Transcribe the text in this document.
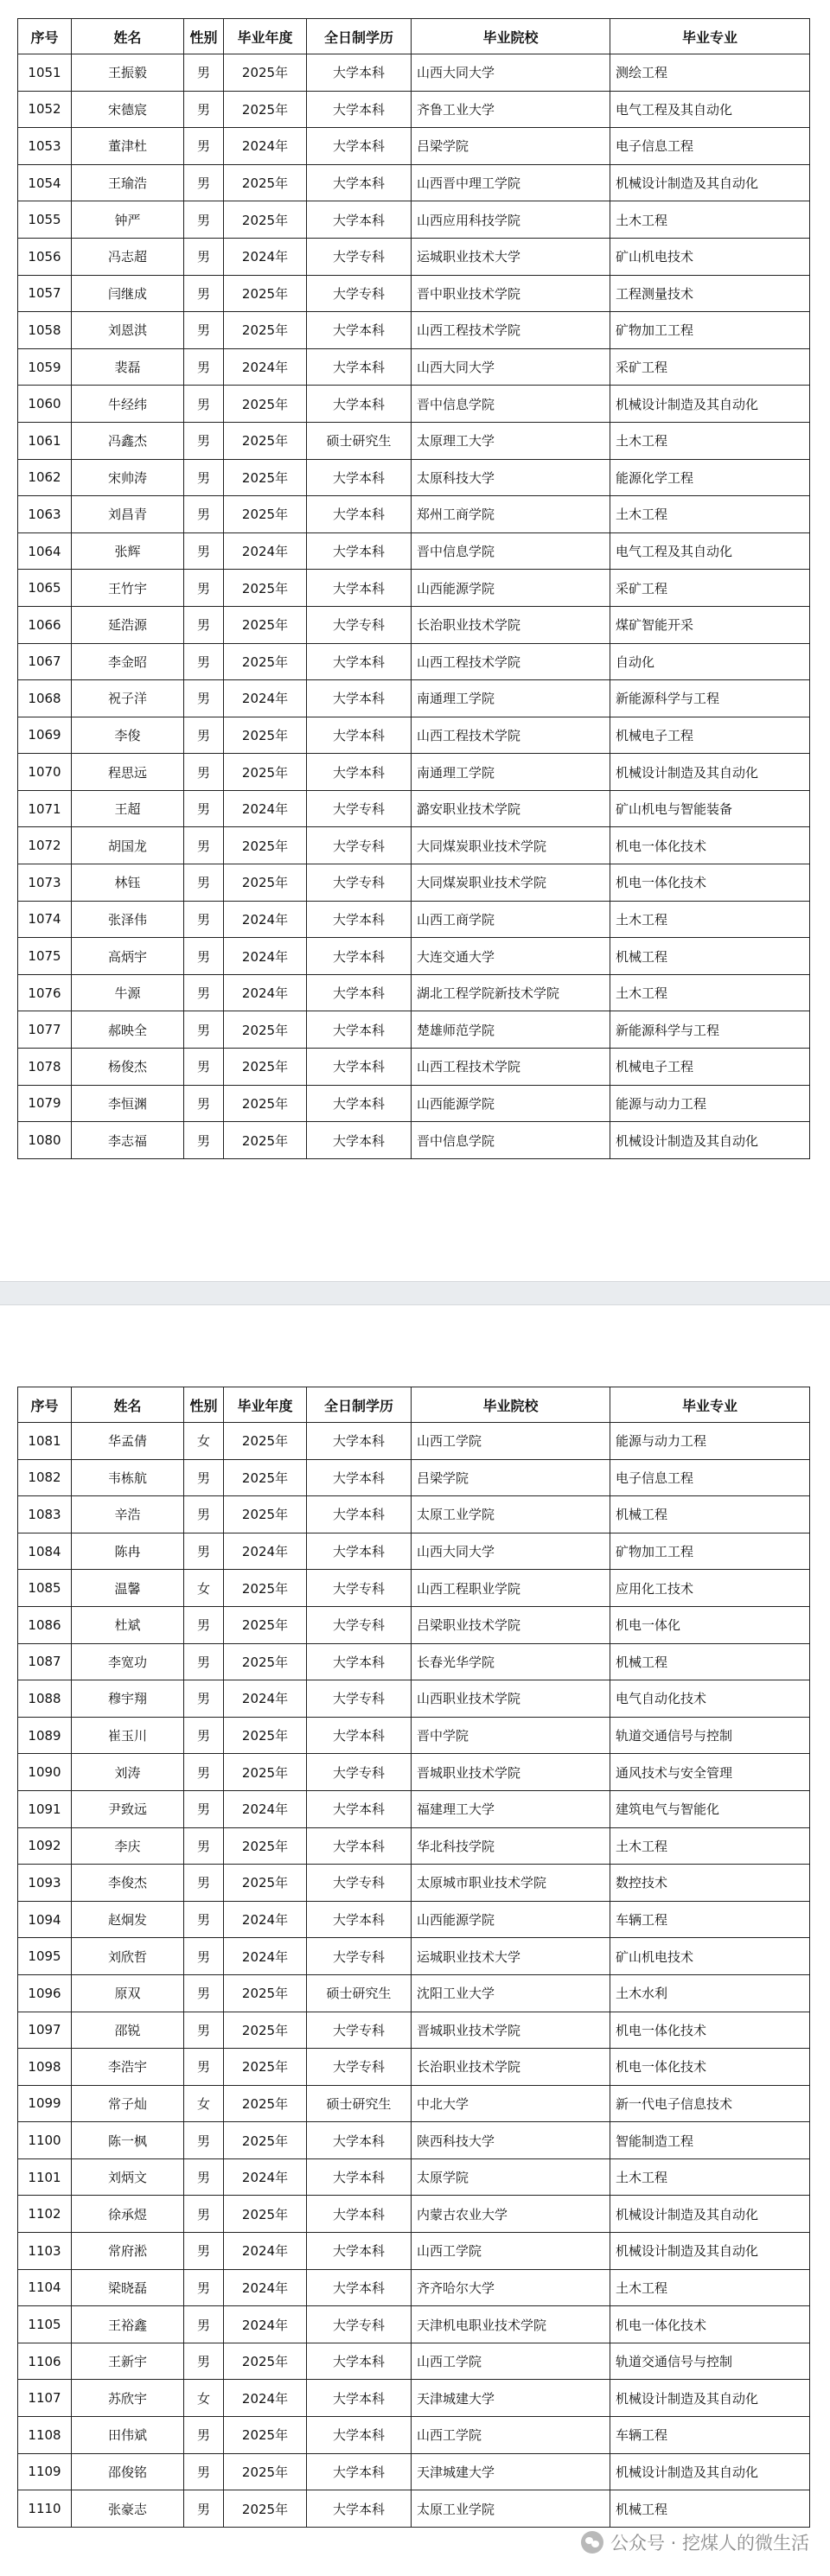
序号	姓名	性别	毕业年度	全日制学历	毕业院校	毕业专业
1051	王振毅	男	2025年	大学本科	山西大同大学	测绘工程
1052	宋德宸	男	2025年	大学本科	齐鲁工业大学	电气工程及其自动化
1053	董津杜	男	2024年	大学本科	吕梁学院	电子信息工程
1054	王瑜浩	男	2025年	大学本科	山西晋中理工学院	机械设计制造及其自动化
1055	钟严	男	2025年	大学本科	山西应用科技学院	土木工程
1056	冯志超	男	2024年	大学专科	运城职业技术大学	矿山机电技术
1057	闫继成	男	2025年	大学专科	晋中职业技术学院	工程测量技术
1058	刘恩淇	男	2025年	大学本科	山西工程技术学院	矿物加工工程
1059	裴磊	男	2024年	大学本科	山西大同大学	采矿工程
1060	牛经纬	男	2025年	大学本科	晋中信息学院	机械设计制造及其自动化
1061	冯鑫杰	男	2025年	硕士研究生	太原理工大学	土木工程
1062	宋帅涛	男	2025年	大学本科	太原科技大学	能源化学工程
1063	刘昌青	男	2025年	大学本科	郑州工商学院	土木工程
1064	张辉	男	2024年	大学本科	晋中信息学院	电气工程及其自动化
1065	王竹宇	男	2025年	大学本科	山西能源学院	采矿工程
1066	延浩源	男	2025年	大学专科	长治职业技术学院	煤矿智能开采
1067	李金昭	男	2025年	大学本科	山西工程技术学院	自动化
1068	祝子洋	男	2024年	大学本科	南通理工学院	新能源科学与工程
1069	李俊	男	2025年	大学本科	山西工程技术学院	机械电子工程
1070	程思远	男	2025年	大学本科	南通理工学院	机械设计制造及其自动化
1071	王超	男	2024年	大学专科	潞安职业技术学院	矿山机电与智能装备
1072	胡国龙	男	2025年	大学专科	大同煤炭职业技术学院	机电一体化技术
1073	林钰	男	2025年	大学专科	大同煤炭职业技术学院	机电一体化技术
1074	张泽伟	男	2024年	大学本科	山西工商学院	土木工程
1075	高炳宇	男	2024年	大学本科	大连交通大学	机械工程
1076	牛源	男	2024年	大学本科	湖北工程学院新技术学院	土木工程
1077	郝映全	男	2025年	大学本科	楚雄师范学院	新能源科学与工程
1078	杨俊杰	男	2025年	大学本科	山西工程技术学院	机械电子工程
1079	李恒渊	男	2025年	大学本科	山西能源学院	能源与动力工程
1080	李志福	男	2025年	大学本科	晋中信息学院	机械设计制造及其自动化
序号	姓名	性别	毕业年度	全日制学历	毕业院校	毕业专业
1081	华孟倩	女	2025年	大学本科	山西工学院	能源与动力工程
1082	韦栋航	男	2025年	大学本科	吕梁学院	电子信息工程
1083	辛浩	男	2025年	大学本科	太原工业学院	机械工程
1084	陈冉	男	2024年	大学本科	山西大同大学	矿物加工工程
1085	温馨	女	2025年	大学专科	山西工程职业学院	应用化工技术
1086	杜斌	男	2025年	大学专科	吕梁职业技术学院	机电一体化
1087	李宽功	男	2025年	大学本科	长春光华学院	机械工程
1088	穆宇翔	男	2024年	大学专科	山西职业技术学院	电气自动化技术
1089	崔玉川	男	2025年	大学本科	晋中学院	轨道交通信号与控制
1090	刘涛	男	2025年	大学专科	晋城职业技术学院	通风技术与安全管理
1091	尹致远	男	2024年	大学本科	福建理工大学	建筑电气与智能化
1092	李庆	男	2025年	大学本科	华北科技学院	土木工程
1093	李俊杰	男	2025年	大学专科	太原城市职业技术学院	数控技术
1094	赵炯发	男	2024年	大学本科	山西能源学院	车辆工程
1095	刘欣哲	男	2024年	大学专科	运城职业技术大学	矿山机电技术
1096	原双	男	2025年	硕士研究生	沈阳工业大学	土木水利
1097	邵锐	男	2025年	大学专科	晋城职业技术学院	机电一体化技术
1098	李浩宇	男	2025年	大学专科	长治职业技术学院	机电一体化技术
1099	常子灿	女	2025年	硕士研究生	中北大学	新一代电子信息技术
1100	陈一枫	男	2025年	大学本科	陕西科技大学	智能制造工程
1101	刘炳文	男	2024年	大学本科	太原学院	土木工程
1102	徐承煜	男	2025年	大学本科	内蒙古农业大学	机械设计制造及其自动化
1103	常府淞	男	2024年	大学本科	山西工学院	机械设计制造及其自动化
1104	梁晓磊	男	2024年	大学本科	齐齐哈尔大学	土木工程
1105	王裕鑫	男	2024年	大学专科	天津机电职业技术学院	机电一体化技术
1106	王新宇	男	2025年	大学本科	山西工学院	轨道交通信号与控制
1107	苏欣宇	女	2024年	大学本科	天津城建大学	机械设计制造及其自动化
1108	田伟斌	男	2025年	大学本科	山西工学院	车辆工程
1109	邵俊铭	男	2025年	大学本科	天津城建大学	机械设计制造及其自动化
1110	张豪志	男	2025年	大学本科	太原工业学院	机械工程
公众号 · 挖煤人的微生活
